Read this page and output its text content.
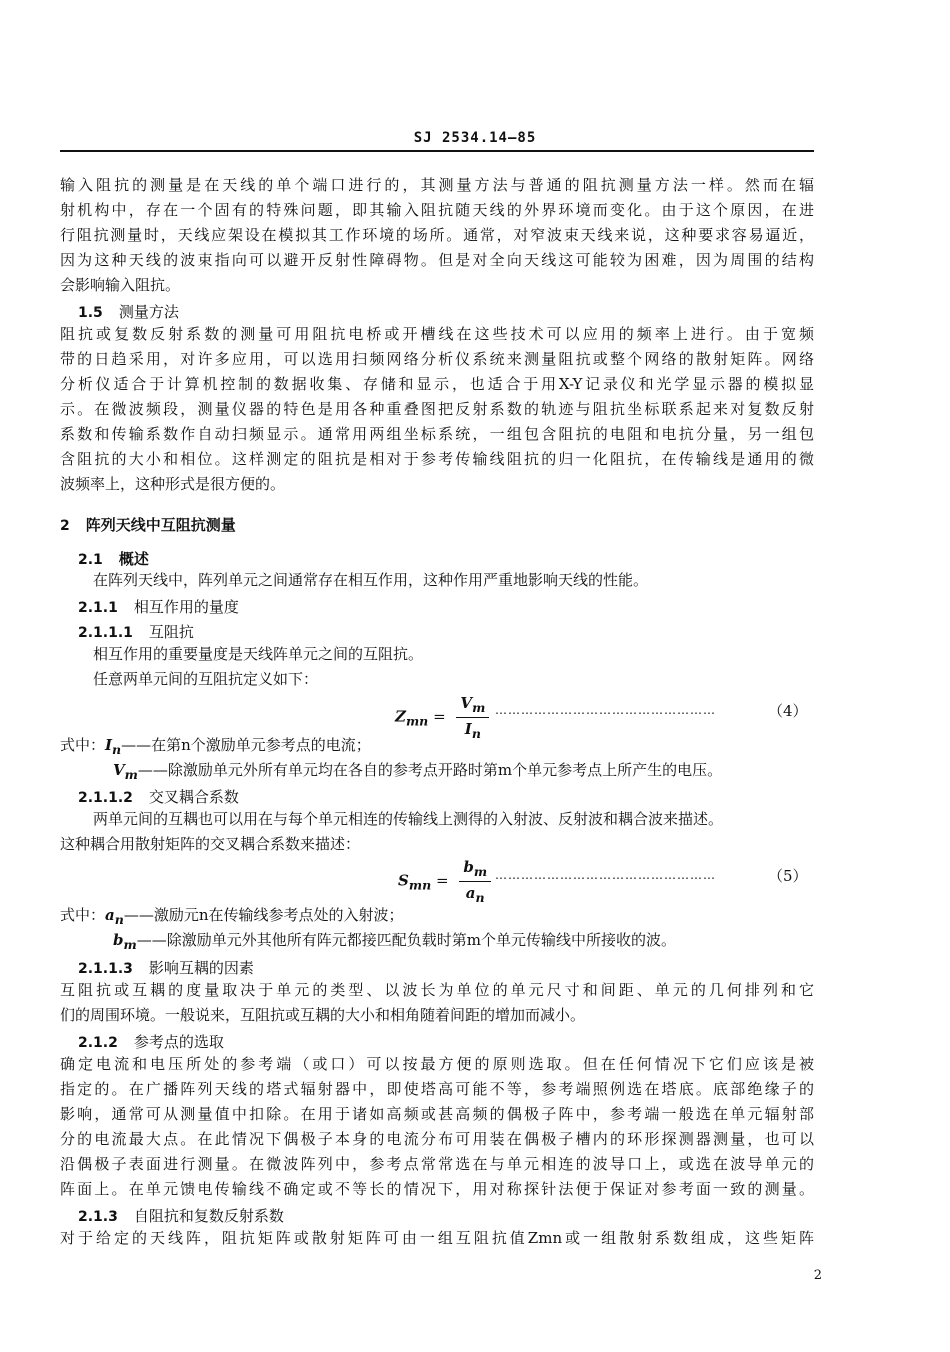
SJ 2534.14—85
输入阻抗的测量是在天线的单个端口进行的，其测量方法与普通的阻抗测量方法一样。然而在辐
射机构中，存在一个固有的特殊问题，即其输入阻抗随天线的外界环境而变化。由于这个原因，在进
行阻抗测量时，天线应架设在模拟其工作环境的场所。通常，对窄波束天线来说，这种要求容易逼近，
因为这种天线的波束指向可以避开反射性障碍物。但是对全向天线这可能较为困难，因为周围的结构
会影响输入阻抗。
1.5 测量方法
阻抗或复数反射系数的测量可用阻抗电桥或开槽线在这些技术可以应用的频率上进行。由于宽频
带的日趋采用，对许多应用，可以选用扫频网络分析仪系统来测量阻抗或整个网络的散射矩阵。网络
分析仪适合于计算机控制的数据收集、存储和显示，也适合于用X-Y记录仪和光学显示器的模拟显
示。在微波频段，测量仪器的特色是用各种重叠图把反射系数的轨迹与阻抗坐标联系起来对复数反射
系数和传输系数作自动扫频显示。通常用两组坐标系统，一组包含阻抗的电阻和电抗分量，另一组包
含阻抗的大小和相位。这样测定的阻抗是相对于参考传输线阻抗的归一化阻抗，在传输线是通用的微
波频率上，这种形式是很方便的。
2 阵列天线中互阻抗测量
2.1 概述
在阵列天线中，阵列单元之间通常存在相互作用，这种作用严重地影响天线的性能。
2.1.1 相互作用的量度
2.1.1.1 互阻抗
相互作用的重要量度是天线阵单元之间的互阻抗。
任意两单元间的互阻抗定义如下：
$Z_{mn} = \frac{V_m}{I_n}$ ……………………………………………	（4）
式中：$I_n——$在第n个激励单元参考点的电流；
$V_m——$除激励单元外所有单元均在各自的参考点开路时第m个单元参考点上所产生的电压。
2.1.1.2 交叉耦合系数
两单元间的互耦也可以用在与每个单元相连的传输线上测得的入射波、反射波和耦合波来描述。
这种耦合用散射矩阵的交叉耦合系数来描述：
$S_{mn} = \frac{b_m}{a_n}$ ……………………………………………	（5）
式中：$a_n——$激励元n在传输线参考点处的入射波；
$b_m——$除激励单元外其他所有阵元都接匹配负载时第m个单元传输线中所接收的波。
2.1.1.3 影响互耦的因素
互阻抗或互耦的度量取决于单元的类型、以波长为单位的单元尺寸和间距、单元的几何排列和它
们的周围环境。一般说来，互阻抗或互耦的大小和相角随着间距的增加而减小。
2.1.2 参考点的选取
确定电流和电压所处的参考端（或口）可以按最方便的原则选取。但在任何情况下它们应该是被
指定的。在广播阵列天线的塔式辐射器中，即使塔高可能不等，参考端照例选在塔底。底部绝缘子的
影响，通常可从测量值中扣除。在用于诸如高频或甚高频的偶极子阵中，参考端一般选在单元辐射部
分的电流最大点。在此情况下偶极子本身的电流分布可用装在偶极子槽内的环形探测器测量，也可以
沿偶极子表面进行测量。在微波阵列中，参考点常常选在与单元相连的波导口上，或选在波导单元的
阵面上。在单元馈电传输线不确定或不等长的情况下，用对称探针法便于保证对参考面一致的测量。
2.1.3 自阻抗和复数反射系数
对于给定的天线阵，阻抗矩阵或散射矩阵可由一组互阻抗值Zmn或一组散射系数组成，这些矩阵
2
